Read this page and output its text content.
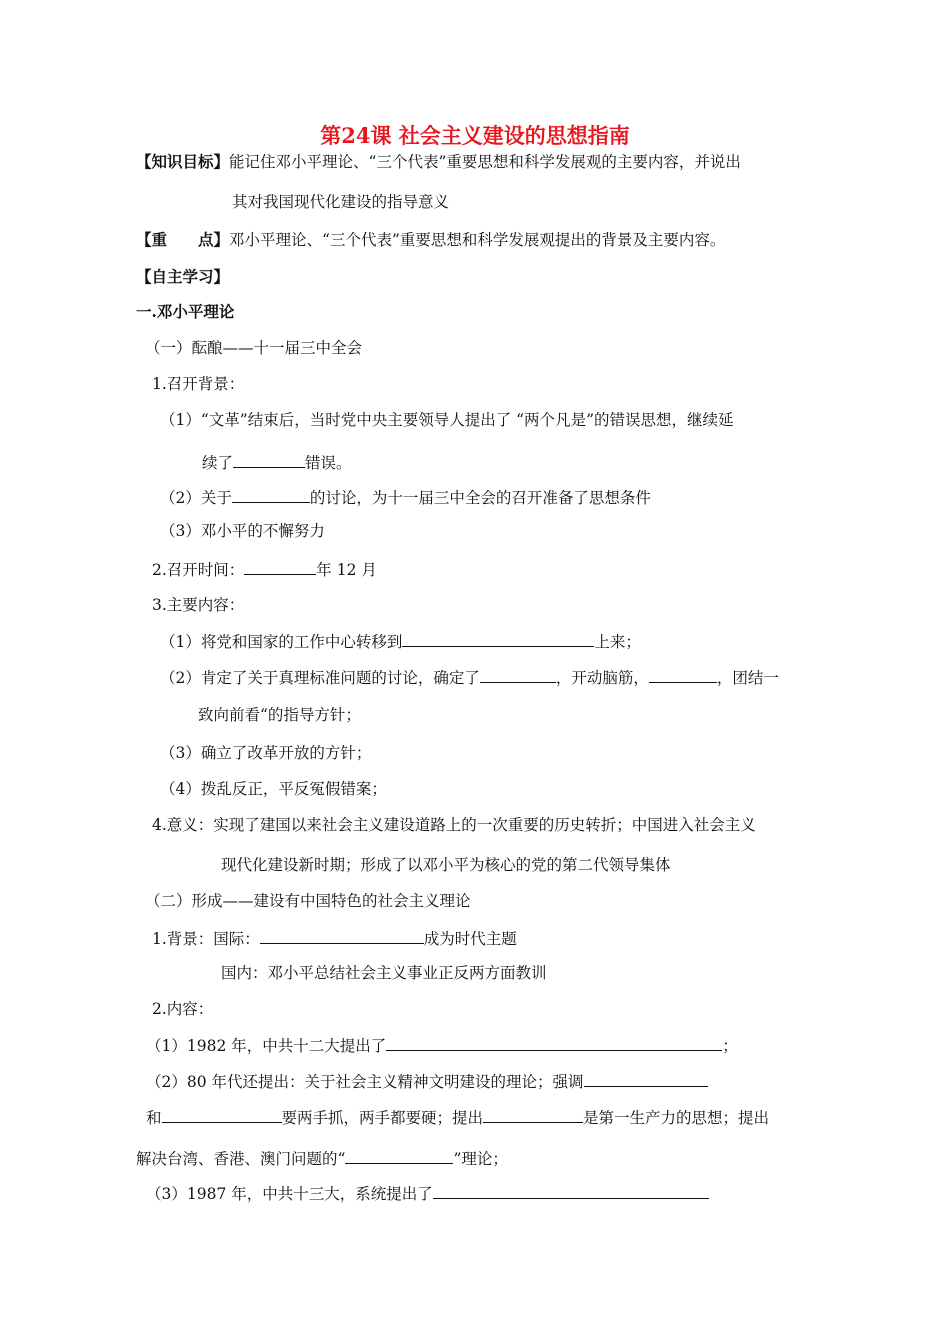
第24课 社会主义建设的思想指南
【知识目标】能记住邓小平理论、“三个代表”重要思想和科学发展观的主要内容，并说出
其对我国现代化建设的指导意义
【重　　点】邓小平理论、“三个代表”重要思想和科学发展观提出的背景及主要内容。
【自主学习】
一.邓小平理论
（一）酝酿——十一届三中全会
1.召开背景：
（1）“文革”结束后，当时党中央主要领导人提出了 “两个凡是”的错误思想，继续延
续了	错误。
（2）关于	的讨论，为十一届三中全会的召开准备了思想条件
（3）邓小平的不懈努力
2.召开时间：	年 12 月
3.主要内容：
（1）将党和国家的工作中心转移到	上来；
（2）肯定了关于真理标准问题的讨论，确定了	，开动脑筋，	，团结一
致向前看“的指导方针；
（3）确立了改革开放的方针；
（4）拨乱反正，平反冤假错案；
4.意义：实现了建国以来社会主义建设道路上的一次重要的历史转折；中国进入社会主义
现代化建设新时期；形成了以邓小平为核心的党的第二代领导集体
（二）形成——建设有中国特色的社会主义理论
1.背景：国际：	成为时代主题
国内：邓小平总结社会主义事业正反两方面教训
2.内容：
（1）1982 年，中共十二大提出了	；
（2）80 年代还提出：关于社会主义精神文明建设的理论；强调
和	要两手抓，两手都要硬；提出	是第一生产力的思想；提出
解决台湾、香港、澳门问题的“	”理论；
（3）1987 年，中共十三大，系统提出了
